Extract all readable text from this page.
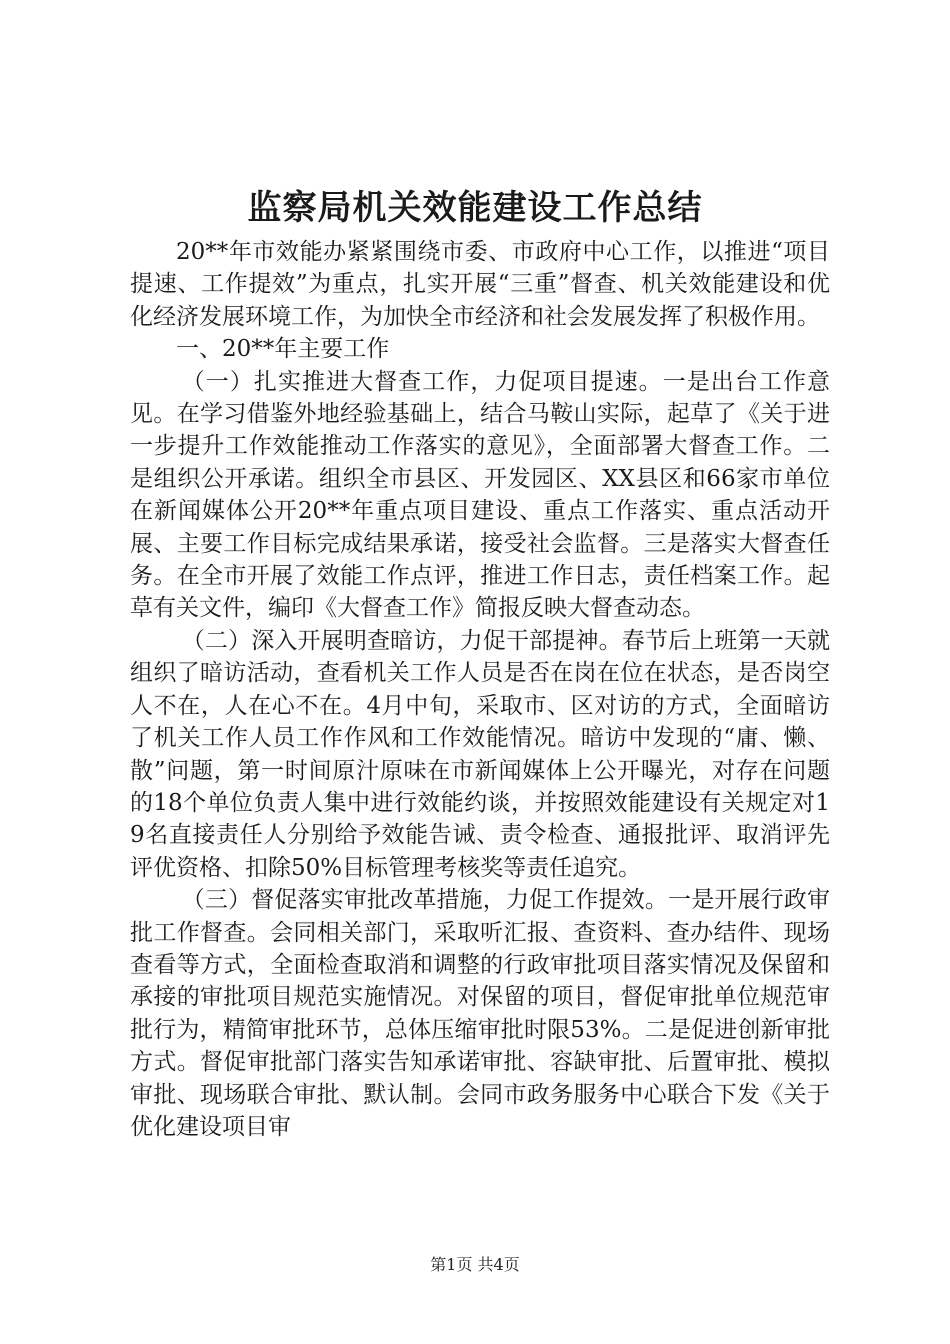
监察局机关效能建设工作总结

20**年市效能办紧紧围绕市委、市政府中心工作，以推进“项目提速、工作提效”为重点，扎实开展“三重”督查、机关效能建设和优化经济发展环境工作，为加快全市经济和社会发展发挥了积极作用。

一、20**年主要工作

（一）扎实推进大督查工作，力促项目提速。一是出台工作意见。在学习借鉴外地经验基础上，结合马鞍山实际，起草了《关于进一步提升工作效能推动工作落实的意见》，全面部署大督查工作。二是组织公开承诺。组织全市县区、开发园区、XX县区和66家市单位在新闻媒体公开20**年重点项目建设、重点工作落实、重点活动开展、主要工作目标完成结果承诺，接受社会监督。三是落实大督查任务。在全市开展了效能工作点评，推进工作日志，责任档案工作。起草有关文件，编印《大督查工作》简报反映大督查动态。

（二）深入开展明查暗访，力促干部提神。春节后上班第一天就组织了暗访活动，查看机关工作人员是否在岗在位在状态，是否岗空人不在，人在心不在。4月中旬，采取市、区对访的方式，全面暗访了机关工作人员工作作风和工作效能情况。暗访中发现的“庸、懒、散”问题，第一时间原汁原味在市新闻媒体上公开曝光，对存在问题的18个单位负责人集中进行效能约谈，并按照效能建设有关规定对19名直接责任人分别给予效能告诫、责令检查、通报批评、取消评先评优资格、扣除50%目标管理考核奖等责任追究。

（三）督促落实审批改革措施，力促工作提效。一是开展行政审批工作督查。会同相关部门，采取听汇报、查资料、查办结件、现场查看等方式，全面检查取消和调整的行政审批项目落实情况及保留和承接的审批项目规范实施情况。对保留的项目，督促审批单位规范审批行为，精简审批环节，总体压缩审批时限53%。二是促进创新审批方式。督促审批部门落实告知承诺审批、容缺审批、后置审批、模拟审批、现场联合审批、默认制。会同市政务服务中心联合下发《关于优化建设项目审

第1页 共4页
